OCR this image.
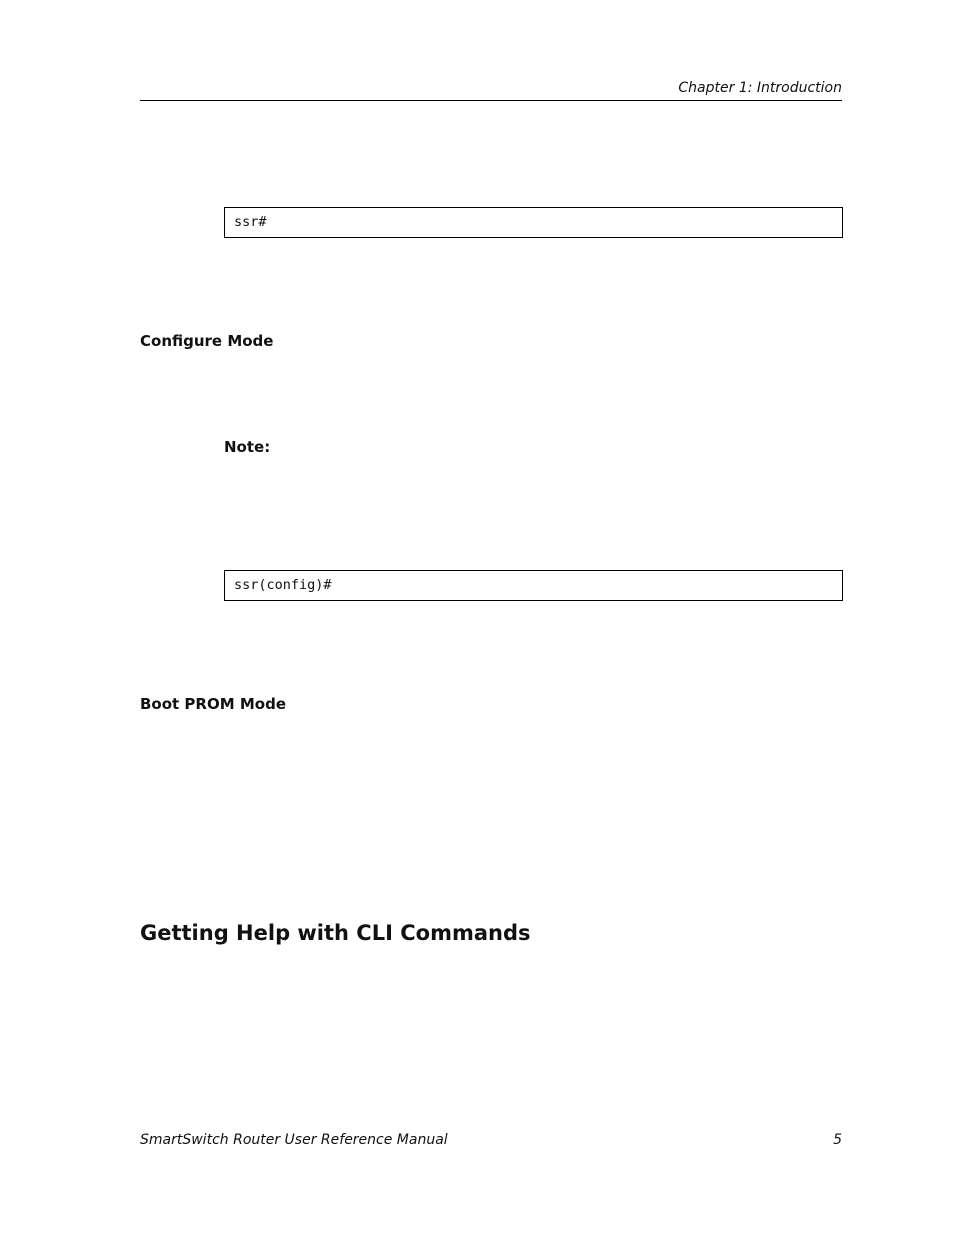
Chapter 1: Introduction
ssr#
Configure Mode
Note:
ssr(config)#
Boot PROM Mode
Getting Help with CLI Commands
SmartSwitch Router User Reference Manual	5
